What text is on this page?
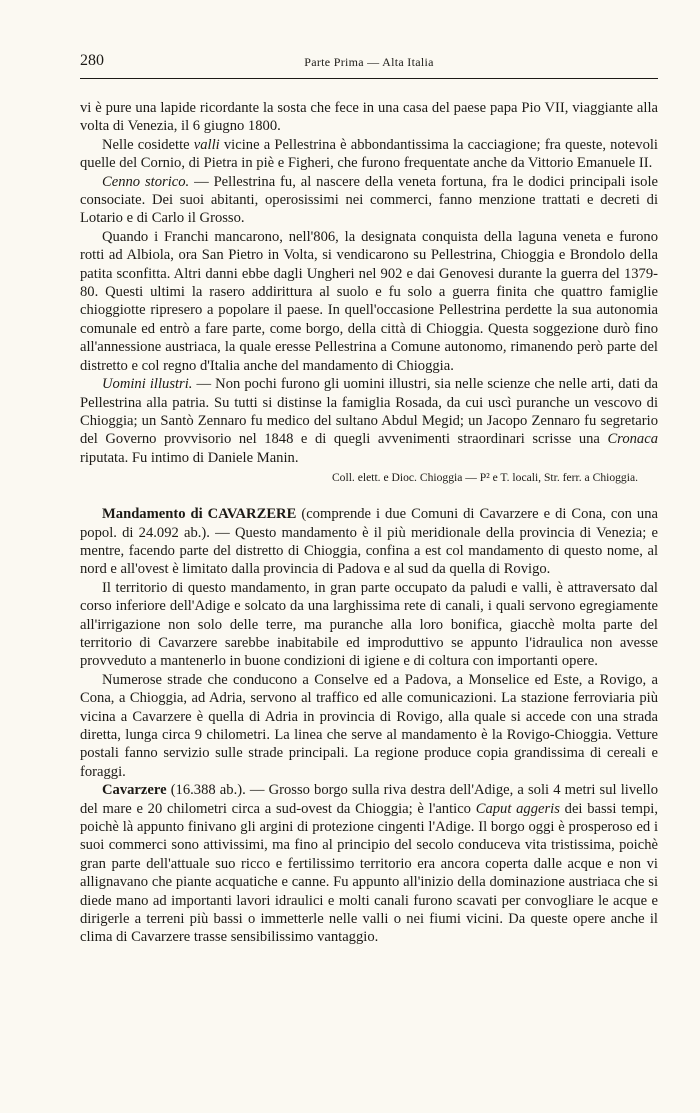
280	Parte Prima — Alta Italia

vi è pure una lapide ricordante la sosta che fece in una casa del paese papa Pio VII, viaggiante alla volta di Venezia, il 6 giugno 1800.

Nelle cosidette valli vicine a Pellestrina è abbondantissima la cacciagione; fra queste, notevoli quelle del Cornio, di Pietra in piè e Figheri, che furono frequentate anche da Vittorio Emanuele II.

Cenno storico. — Pellestrina fu, al nascere della veneta fortuna, fra le dodici principali isole consociate. Dei suoi abitanti, operosissimi nei commerci, fanno menzione trattati e decreti di Lotario e di Carlo il Grosso.

Quando i Franchi mancarono, nell'806, la designata conquista della laguna veneta e furono rotti ad Albiola, ora San Pietro in Volta, si vendicarono su Pellestrina, Chioggia e Brondolo della patita sconfitta. Altri danni ebbe dagli Ungheri nel 902 e dai Genovesi durante la guerra del 1379-80. Questi ultimi la rasero addirittura al suolo e fu solo a guerra finita che quattro famiglie chioggiotte ripresero a popolare il paese. In quell'occasione Pellestrina perdette la sua autonomia comunale ed entrò a fare parte, come borgo, della città di Chioggia. Questa soggezione durò fino all'annessione austriaca, la quale eresse Pellestrina a Comune autonomo, rimanendo però parte del distretto e col regno d'Italia anche del mandamento di Chioggia.

Uomini illustri. — Non pochi furono gli uomini illustri, sia nelle scienze che nelle arti, dati da Pellestrina alla patria. Su tutti si distinse la famiglia Rosada, da cui uscì puranche un vescovo di Chioggia; un Santò Zennaro fu medico del sultano Abdul Megid; un Jacopo Zennaro fu segretario del Governo provvisorio nel 1848 e di quegli avvenimenti straordinari scrisse una Cronaca riputata. Fu intimo di Daniele Manin.

Coll. elett. e Dioc. Chioggia — P² e T. locali, Str. ferr. a Chioggia.

Mandamento di CAVARZERE (comprende i due Comuni di Cavarzere e di Cona, con una popol. di 24.092 ab.). — Questo mandamento è il più meridionale della provincia di Venezia; e mentre, facendo parte del distretto di Chioggia, confina a est col mandamento di questo nome, al nord e all'ovest è limitato dalla provincia di Padova e al sud da quella di Rovigo.

Il territorio di questo mandamento, in gran parte occupato da paludi e valli, è attraversato dal corso inferiore dell'Adige e solcato da una larghissima rete di canali, i quali servono egregiamente all'irrigazione non solo delle terre, ma puranche alla loro bonifica, giacchè molta parte del territorio di Cavarzere sarebbe inabitabile ed improduttivo se appunto l'idraulica non avesse provveduto a mantenerlo in buone condizioni di igiene e di coltura con importanti opere.

Numerose strade che conducono a Conselve ed a Padova, a Monselice ed Este, a Rovigo, a Cona, a Chioggia, ad Adria, servono al traffico ed alle comunicazioni. La stazione ferroviaria più vicina a Cavarzere è quella di Adria in provincia di Rovigo, alla quale si accede con una strada diretta, lunga circa 9 chilometri. La linea che serve al mandamento è la Rovigo-Chioggia. Vetture postali fanno servizio sulle strade principali. La regione produce copia grandissima di cereali e foraggi.

Cavarzere (16.388 ab.). — Grosso borgo sulla riva destra dell'Adige, a soli 4 metri sul livello del mare e 20 chilometri circa a sud-ovest da Chioggia; è l'antico Caput aggeris dei bassi tempi, poichè là appunto finivano gli argini di protezione cingenti l'Adige. Il borgo oggi è prosperoso ed i suoi commerci sono attivissimi, ma fino al principio del secolo conduceva vita tristissima, poichè gran parte dell'attuale suo ricco e fertilissimo territorio era ancora coperta dalle acque e non vi allignavano che piante acquatiche e canne. Fu appunto all'inizio della dominazione austriaca che si diede mano ad importanti lavori idraulici e molti canali furono scavati per convogliare le acque e dirigerle a terreni più bassi o immetterle nelle valli o nei fiumi vicini. Da queste opere anche il clima di Cavarzere trasse sensibilissimo vantaggio.
